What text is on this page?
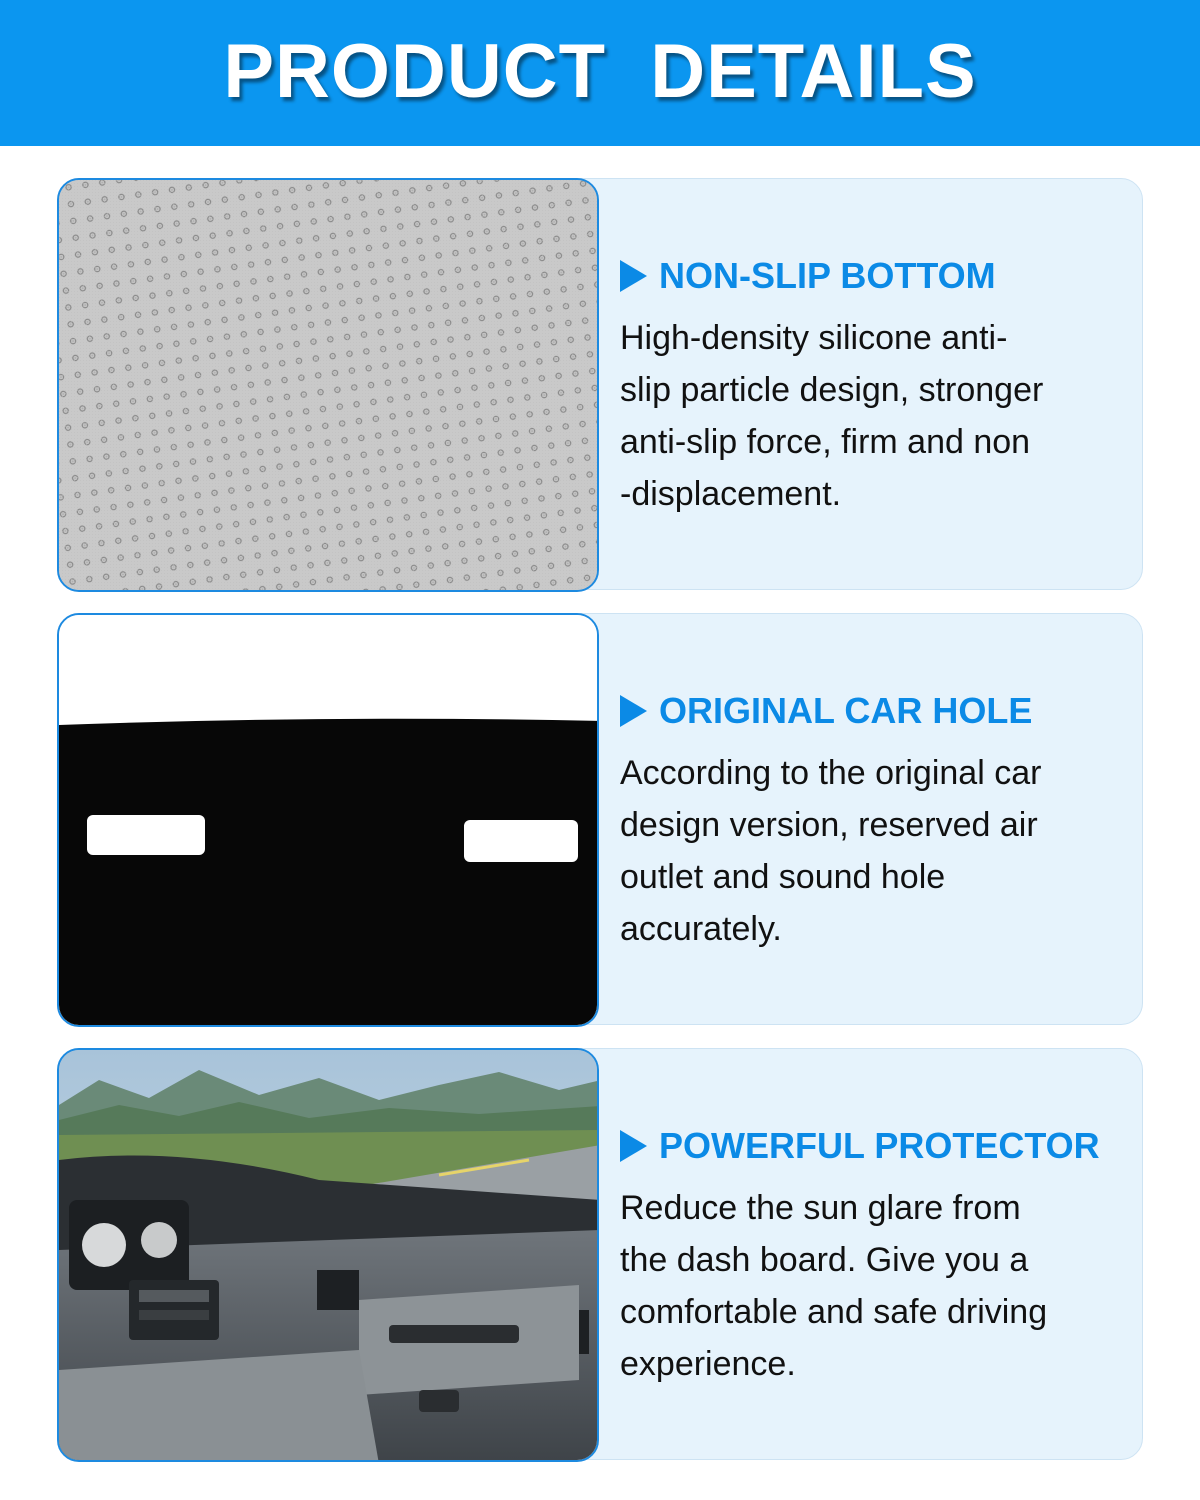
PRODUCT DETAILS
NON-SLIP BOTTOM
High-density silicone anti-
slip particle design, stronger
anti-slip force, firm and non
-displacement.
ORIGINAL CAR HOLE
According to the original car
design version, reserved air
outlet and sound hole
accurately.
POWERFUL PROTECTOR
Reduce the sun glare from
the dash board. Give you a
comfortable and safe driving
experience.
